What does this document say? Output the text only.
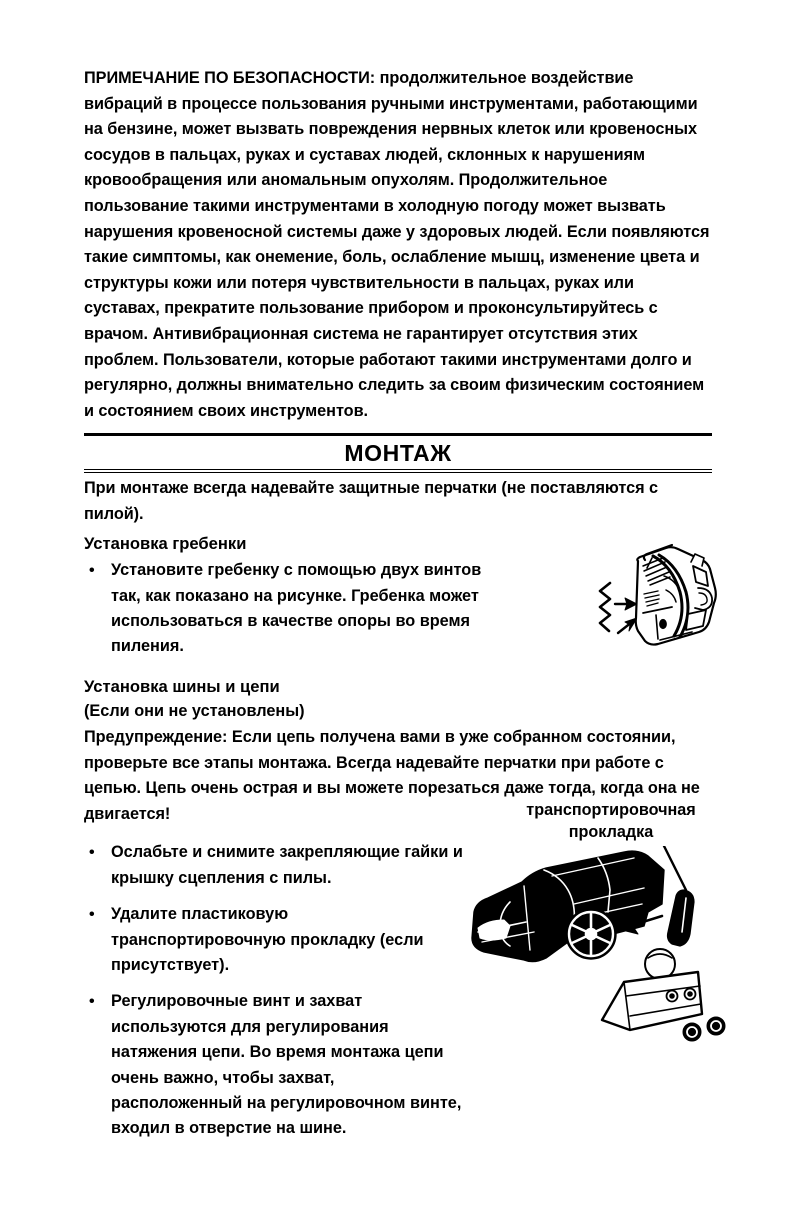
ПРИМЕЧАНИЕ ПО БЕЗОПАСНОСТИ: продолжительное воздействие вибраций в процессе пользования ручными инструментами, работающими на бензине, может вызвать повреждения нервных клеток или кровеносных сосудов в пальцах, руках и суставах людей, склонных к нарушениям кровообращения или аномальным опухолям. Продолжительное пользование такими инструментами в холодную погоду может вызвать нарушения кровеносной системы даже у здоровых людей. Если появляются такие симптомы, как онемение, боль, ослабление мышц, изменение цвета и структуры кожи или потеря чувствительности в пальцах, руках или суставах, прекратите пользование прибором и проконсультируйтесь с врачом. Антивибрационная система не гарантирует отсутствия этих проблем. Пользователи, которые работают такими инструментами долго и регулярно, должны внимательно следить за своим физическим состоянием и состоянием своих инструментов.

МОНТАЖ

При монтаже всегда надевайте защитные перчатки (не поставляются с пилой).

Установка гребенки
• Установите гребенку с помощью двух винтов так, как показано на рисунке. Гребенка может использоваться в качестве опоры во время пиления.
Установка шины и цепи

(Если они не установлены)

Предупреждение: Если цепь получена вами в уже собранном состоянии, проверьте все этапы монтажа. Всегда надевайте перчатки при работе с цепью. Цепь очень острая и вы можете порезаться даже тогда, когда она не двигается!

• Ослабьте и снимите закрепляющие гайки и крышку сцепления с пилы.
• Удалите пластиковую транспортировочную прокладку (если присутствует).
• Регулировочные винт и захват используются для регулирования натяжения цепи. Во время монтажа цепи очень важно, чтобы захват, расположенный на регулировочном винте, входил в отверстие на шине.
транспортировочная
прокладка
